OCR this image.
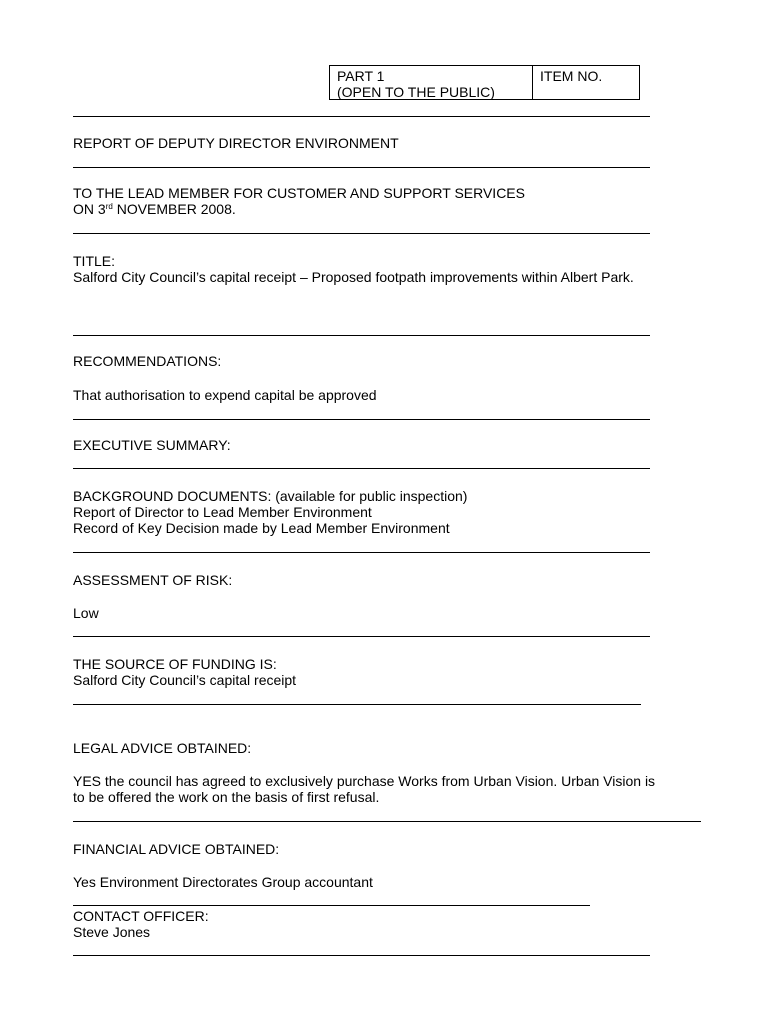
PART 1
(OPEN TO THE PUBLIC)
ITEM NO.
REPORT OF DEPUTY DIRECTOR ENVIRONMENT
TO THE LEAD MEMBER FOR CUSTOMER AND SUPPORT SERVICES
ON 3rd NOVEMBER 2008.
TITLE:
Salford City Council’s capital receipt – Proposed footpath improvements within Albert Park.
RECOMMENDATIONS:
That authorisation to expend capital be approved
EXECUTIVE SUMMARY:
BACKGROUND DOCUMENTS: (available for public inspection)
Report of Director to Lead Member Environment
Record of Key Decision made by Lead Member Environment
ASSESSMENT OF RISK:
Low
THE SOURCE OF FUNDING IS:
Salford City Council’s capital receipt
LEGAL ADVICE OBTAINED:
YES the council has agreed to exclusively purchase Works from Urban Vision. Urban Vision is
to be offered the work on the basis of first refusal.
FINANCIAL ADVICE OBTAINED:
Yes Environment Directorates Group accountant
CONTACT OFFICER:
Steve Jones
